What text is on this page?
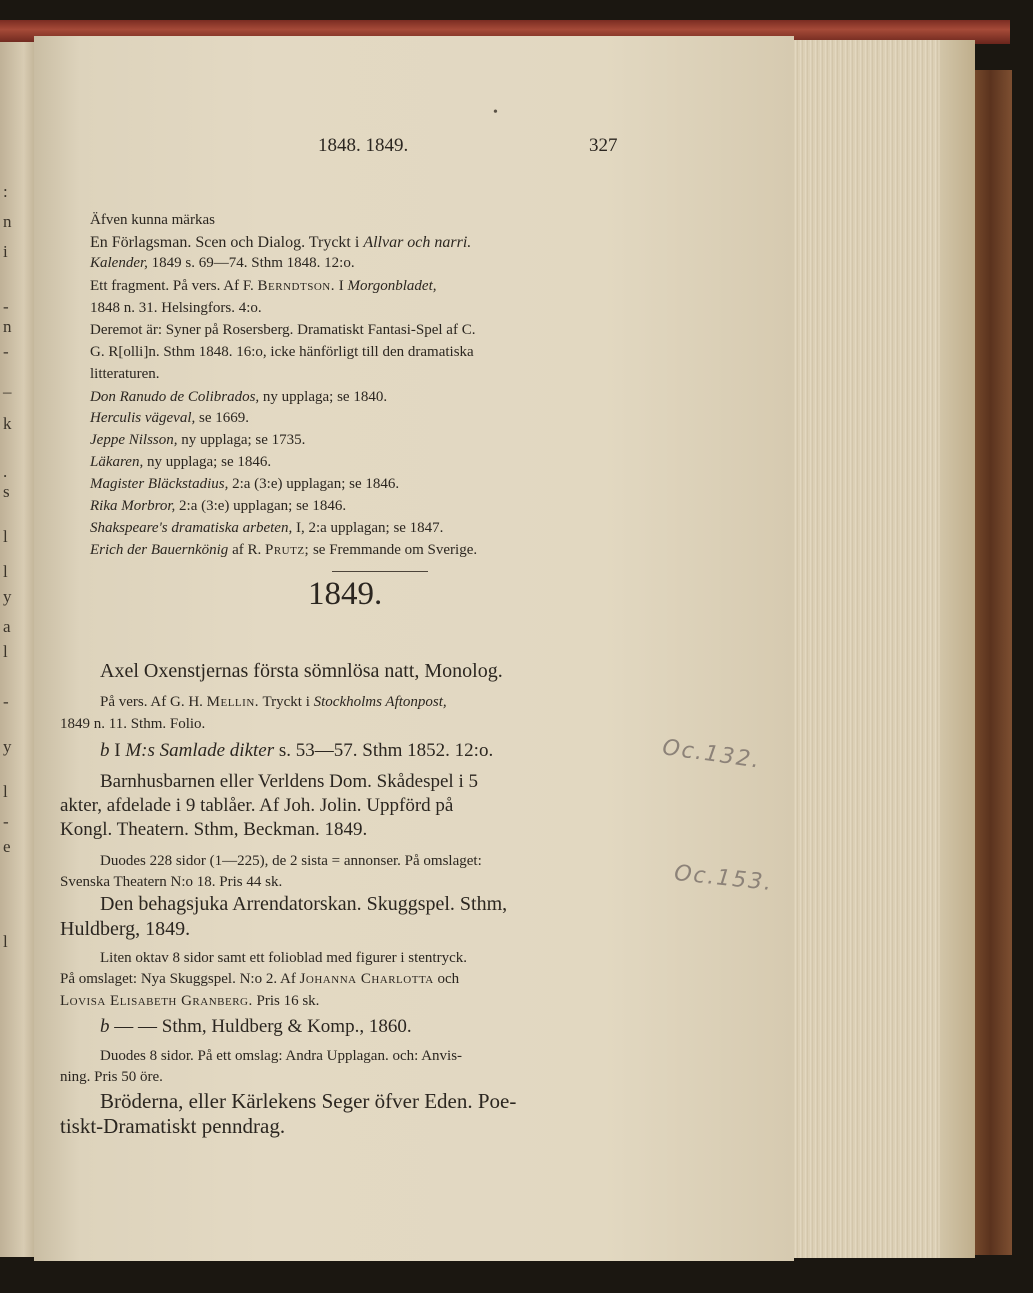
:
n
i
-
n
-
–
k
.
s
l
l
y
a
l
-
y
l
-
e
l
•
1848. 1849.	327
Äfven kunna märkas
En Förlagsman. Scen och Dialog. Tryckt i Allvar och narri.
Kalender, 1849 s. 69—74. Sthm 1848. 12:o.
Ett fragment. På vers. Af F. Berndtson. I Morgonbladet,
1848 n. 31. Helsingfors. 4:o.
Deremot är: Syner på Rosersberg. Dramatiskt Fantasi-Spel af C.
G. R[olli]n. Sthm 1848. 16:o, icke hänförligt till den dramatiska
litteraturen.
Don Ranudo de Colibrados, ny upplaga; se 1840.
Herculis vägeval, se 1669.
Jeppe Nilsson, ny upplaga; se 1735.
Läkaren, ny upplaga; se 1846.
Magister Bläckstadius, 2:a (3:e) upplagan; se 1846.
Rika Morbror, 2:a (3:e) upplagan; se 1846.
Shakspeare's dramatiska arbeten, I, 2:a upplagan; se 1847.
Erich der Bauernkönig af R. Prutz; se Fremmande om Sverige.
1849.
Axel Oxenstjernas första sömnlösa natt, Monolog.
På vers. Af G. H. Mellin. Tryckt i Stockholms Aftonpost,
1849 n. 11. Sthm. Folio.
b I M:s Samlade dikter s. 53—57. Sthm 1852. 12:o.
Barnhusbarnen eller Verldens Dom. Skådespel i 5
akter, afdelade i 9 tablåer. Af Joh. Jolin. Uppförd på
Kongl. Theatern. Sthm, Beckman. 1849.
Duodes 228 sidor (1—225), de 2 sista = annonser. På omslaget:
Svenska Theatern N:o 18. Pris 44 sk.
Den behagsjuka Arrendatorskan. Skuggspel. Sthm,
Huldberg, 1849.
Liten oktav 8 sidor samt ett folioblad med figurer i stentryck.
På omslaget: Nya Skuggspel. N:o 2. Af Johanna Charlotta och
Lovisa Elisabeth Granberg. Pris 16 sk.
b — — Sthm, Huldberg & Komp., 1860.
Duodes 8 sidor. På ett omslag: Andra Upplagan. och: Anvis-
ning. Pris 50 öre.
Bröderna, eller Kärlekens Seger öfver Eden. Poe-
tiskt-Dramatiskt penndrag.
Oc.132.
Oc.153.
